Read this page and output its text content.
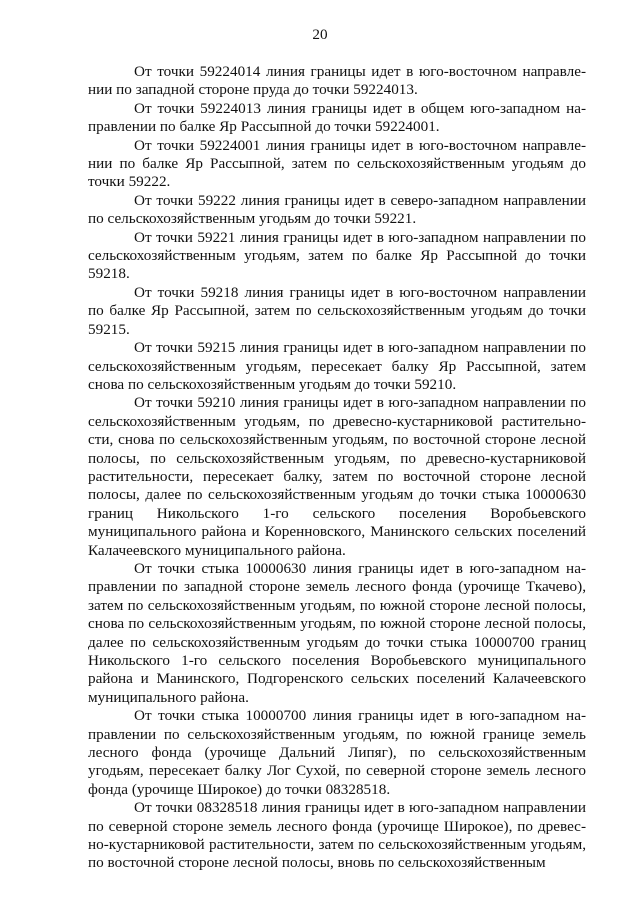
20

От точки 59224014 линия границы идет в юго-восточном направлении по западной стороне пруда до точки 59224013.

От точки 59224013 линия границы идет в общем юго-западном направлении по балке Яр Рассыпной до точки 59224001.

От точки 59224001 линия границы идет в юго-восточном направлении по балке Яр Рассыпной, затем по сельскохозяйственным угодьям до точки 59222.

От точки 59222 линия границы идет в северо-западном направлении по сельскохозяйственным угодьям до точки 59221.

От точки 59221 линия границы идет в юго-западном направлении по сельскохозяйственным угодьям, затем по балке Яр Рассыпной до точки 59218.

От точки 59218 линия границы идет в юго-восточном направлении по балке Яр Рассыпной, затем по сельскохозяйственным угодьям до точки 59215.

От точки 59215 линия границы идет в юго-западном направлении по сельскохозяйственным угодьям, пересекает балку Яр Рассыпной, затем снова по сельскохозяйственным угодьям до точки 59210.

От точки 59210 линия границы идет в юго-западном направлении по сельскохозяйственным угодьям, по древесно-кустарниковой растительности, снова по сельскохозяйственным угодьям, по восточной стороне лесной полосы, по сельскохозяйственным угодьям, по древесно-кустарниковой растительности, пересекает балку, затем по восточной стороне лесной полосы, далее по сельскохозяйственным угодьям до точки стыка 10000630 границ Никольского 1-го сельского поселения Воробьевского муниципального района и Коренновского, Манинского сельских поселений Калачеевского муниципального района.

От точки стыка 10000630 линия границы идет в юго-западном направлении по западной стороне земель лесного фонда (урочище Ткачево), затем по сельскохозяйственным угодьям, по южной стороне лесной полосы, снова по сельскохозяйственным угодьям, по южной стороне лесной полосы, далее по сельскохозяйственным угодьям до точки стыка 10000700 границ Никольского 1-го сельского поселения Воробьевского муниципального района и Манинского, Подгоренского сельских поселений Калачеевского муниципального района.

От точки стыка 10000700 линия границы идет в юго-западном направлении по сельскохозяйственным угодьям, по южной границе земель лесного фонда (урочище Дальний Липяг), по сельскохозяйственным угодьям, пересекает балку Лог Сухой, по северной стороне земель лесного фонда (урочище Широкое) до точки 08328518.

От точки 08328518 линия границы идет в юго-западном направлении по северной стороне земель лесного фонда (урочище Широкое), по древесно-кустарниковой растительности, затем по сельскохозяйственным угодьям, по восточной стороне лесной полосы, вновь по сельскохозяйственным
